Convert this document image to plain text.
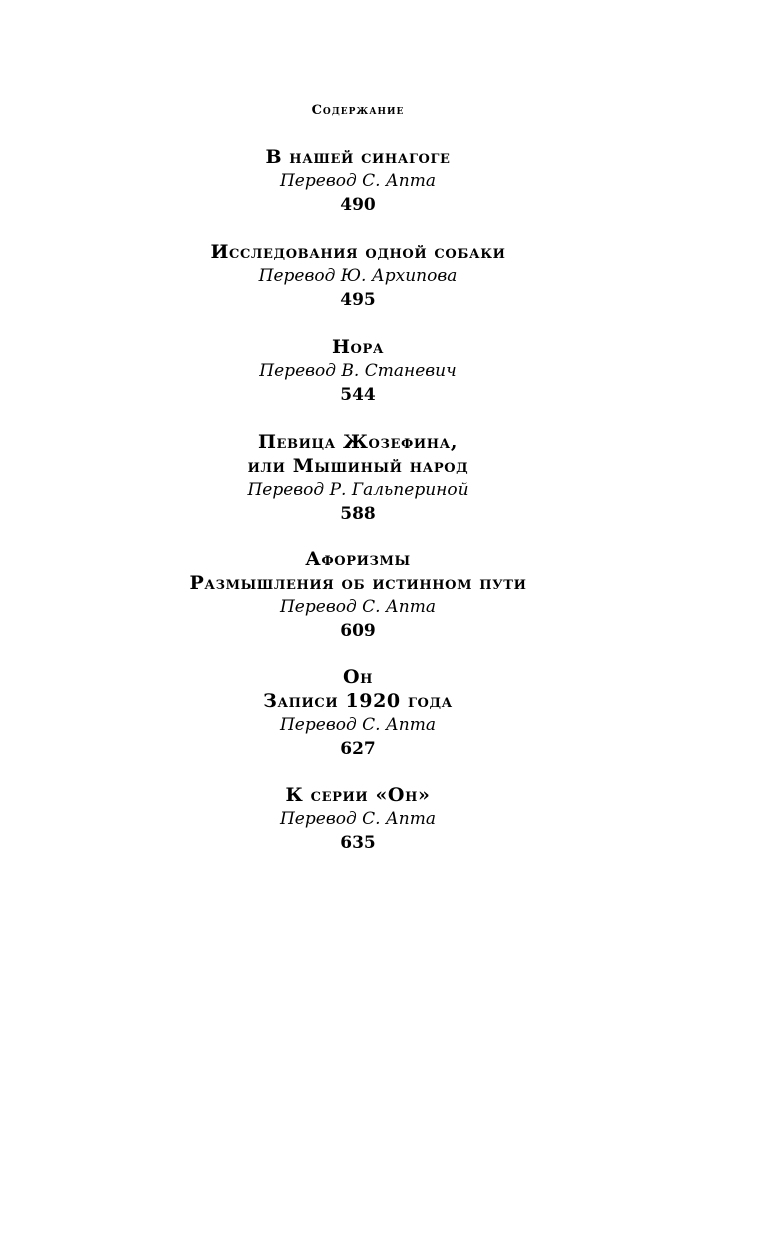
Содержание
В нашей синагоге
Перевод С. Апта
490
Исследования одной собаки
Перевод Ю. Архипова
495
Нора
Перевод В. Станевич
544
Певица Жозефина,
или Мышиный народ
Перевод Р. Гальпериной
588
Афоризмы
Размышления об истинном пути
Перевод С. Апта
609
Он
Записи 1920 года
Перевод С. Апта
627
К серии «Он»
Перевод С. Апта
635
